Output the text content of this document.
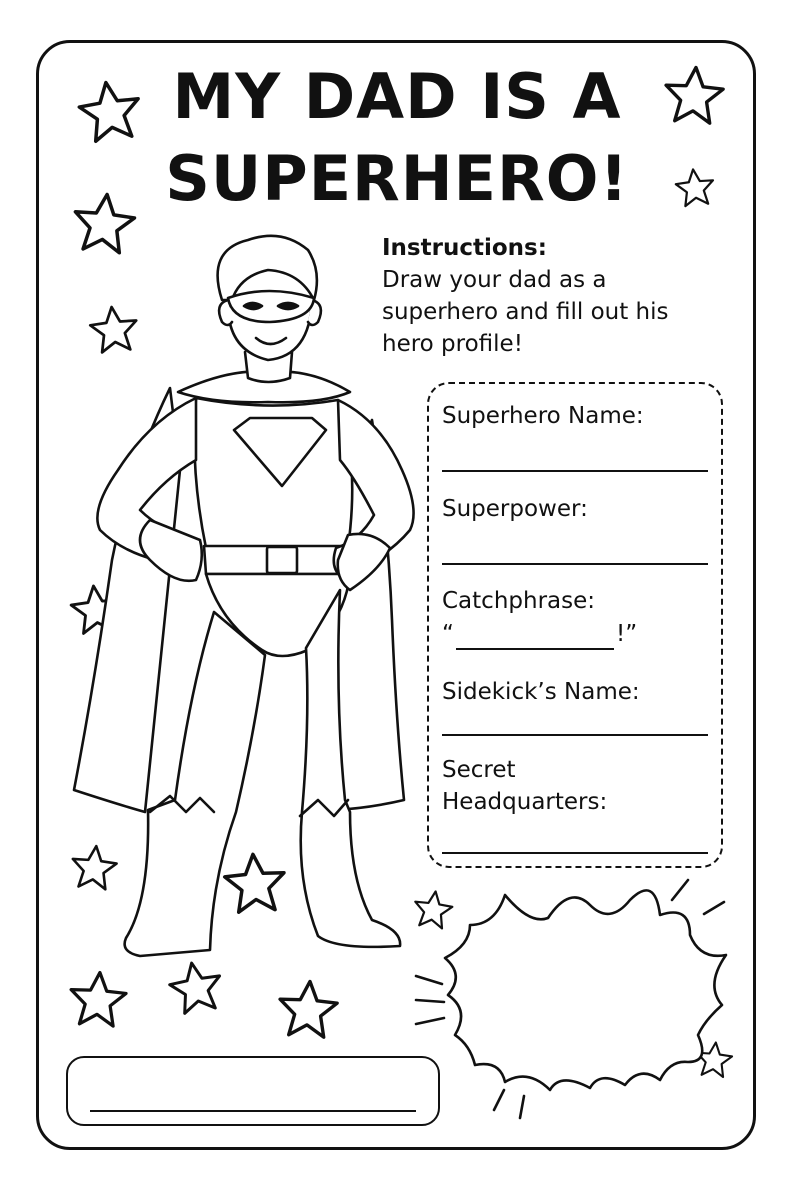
MY DAD IS A
SUPERHERO!
Instructions:
Draw your dad as a
superhero and fill out his
hero profile!
Superhero Name:
Superpower:
Catchphrase:
“	!”
Sidekick’s Name:
Secret
Headquarters:
